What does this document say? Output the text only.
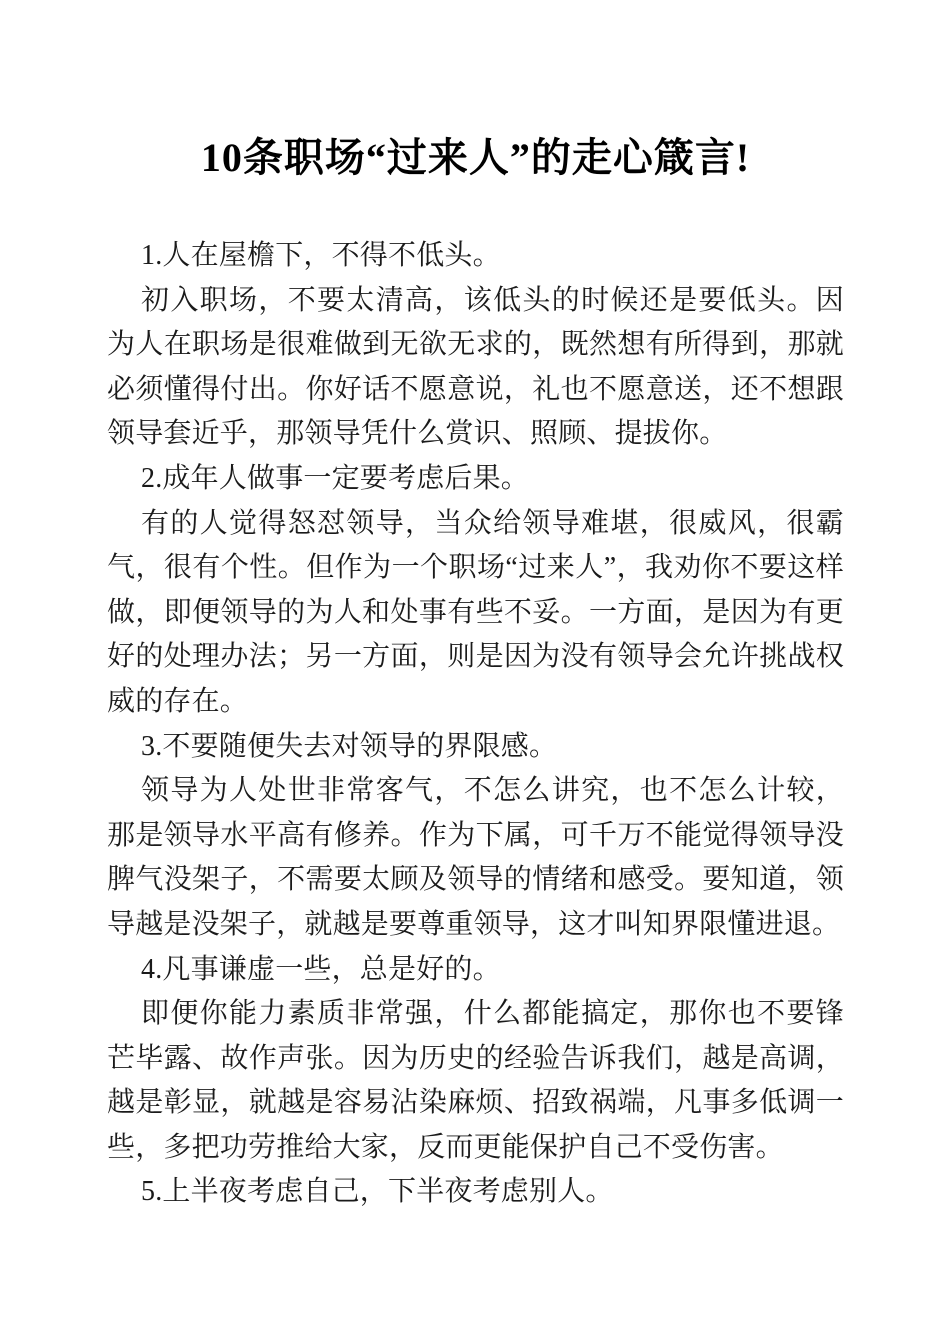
10条职场“过来人”的走心箴言!

1.人在屋檐下，不得不低头。

初入职场，不要太清高，该低头的时候还是要低头。因为人在职场是很难做到无欲无求的，既然想有所得到，那就必须懂得付出。你好话不愿意说，礼也不愿意送，还不想跟领导套近乎，那领导凭什么赏识、照顾、提拔你。

2.成年人做事一定要考虑后果。

有的人觉得怒怼领导，当众给领导难堪，很威风，很霸气，很有个性。但作为一个职场“过来人”，我劝你不要这样做，即便领导的为人和处事有些不妥。一方面，是因为有更好的处理办法；另一方面，则是因为没有领导会允许挑战权威的存在。

3.不要随便失去对领导的界限感。

领导为人处世非常客气，不怎么讲究，也不怎么计较，那是领导水平高有修养。作为下属，可千万不能觉得领导没脾气没架子，不需要太顾及领导的情绪和感受。要知道，领导越是没架子，就越是要尊重领导，这才叫知界限懂进退。

4.凡事谦虚一些，总是好的。

即便你能力素质非常强，什么都能搞定，那你也不要锋芒毕露、故作声张。因为历史的经验告诉我们，越是高调，越是彰显，就越是容易沾染麻烦、招致祸端，凡事多低调一些，多把功劳推给大家，反而更能保护自己不受伤害。

5.上半夜考虑自己，下半夜考虑别人。
